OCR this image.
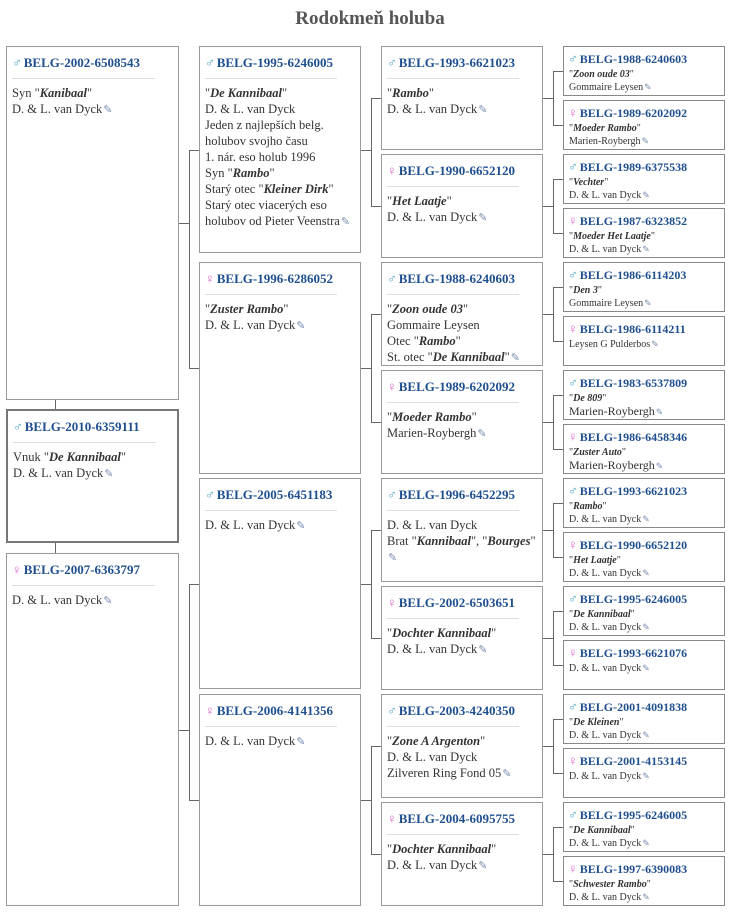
Rodokmeň holuba
♂ BELG-2002-6508543
Syn "Kanibaal"
D. & L. van Dyck✎
♂ BELG-2010-6359111
Vnuk "De Kannibaal"
D. & L. van Dyck✎
♀ BELG-2007-6363797
D. & L. van Dyck✎
♂ BELG-1995-6246005
"De Kannibaal"
D. & L. van Dyck
Jeden z najlepších belg.
holubov svojho času
1. nár. eso holub 1996
Syn "Rambo"
Starý otec "Kleiner Dirk"
Starý otec viacerých eso
holubov od Pieter Veenstra✎
♀ BELG-1996-6286052
"Zuster Rambo"
D. & L. van Dyck✎
♂ BELG-2005-6451183
D. & L. van Dyck✎
♀ BELG-2006-4141356
D. & L. van Dyck✎
♂ BELG-1993-6621023
"Rambo"
D. & L. van Dyck✎
♀ BELG-1990-6652120
"Het Laatje"
D. & L. van Dyck✎
♂ BELG-1988-6240603
"Zoon oude 03"
Gommaire Leysen
Otec "Rambo"
St. otec "De Kannibaal"✎
♀ BELG-1989-6202092
"Moeder Rambo"
Marien-Roybergh✎
♂ BELG-1996-6452295
D. & L. van Dyck
Brat "Kannibaal", "Bourges"
✎
♀ BELG-2002-6503651
"Dochter Kannibaal"
D. & L. van Dyck✎
♂ BELG-2003-4240350
"Zone A Argenton"
D. & L. van Dyck
Zilveren Ring Fond 05✎
♀ BELG-2004-6095755
"Dochter Kannibaal"
D. & L. van Dyck✎
♂ BELG-1988-6240603
"Zoon oude 03"
Gommaire Leysen✎
♀ BELG-1989-6202092
"Moeder Rambo"
Marien-Roybergh✎
♂ BELG-1989-6375538
"Vechter"
D. & L. van Dyck✎
♀ BELG-1987-6323852
"Moeder Het Laatje"
D. & L. van Dyck✎
♂ BELG-1986-6114203
"Den 3"
Gommaire Leysen✎
♀ BELG-1986-6114211
Leysen G Pulderbos✎
♂ BELG-1983-6537809
"De 809"
Marien-Roybergh✎
♀ BELG-1986-6458346
"Zuster Auto"
Marien-Roybergh✎
♂ BELG-1993-6621023
"Rambo"
D. & L. van Dyck✎
♀ BELG-1990-6652120
"Het Laatje"
D. & L. van Dyck✎
♂ BELG-1995-6246005
"De Kannibaal"
D. & L. van Dyck✎
♀ BELG-1993-6621076
D. & L. van Dyck✎
♂ BELG-2001-4091838
"De Kleinen"
D. & L. van Dyck✎
♀ BELG-2001-4153145
D. & L. van Dyck✎
♂ BELG-1995-6246005
"De Kannibaal"
D. & L. van Dyck✎
♀ BELG-1997-6390083
"Schwester Rambo"
D. & L. van Dyck✎
